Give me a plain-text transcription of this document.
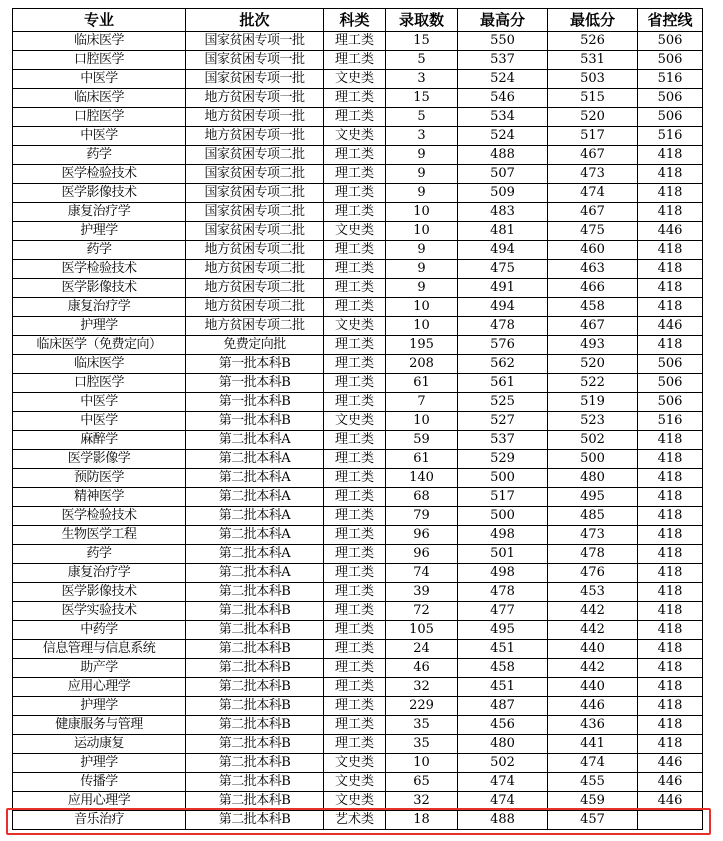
专业	批次	科类	录取数	最高分	最低分	省控线
临床医学	国家贫困专项一批	理工类	15	550	526	506
口腔医学	国家贫困专项一批	理工类	5	537	531	506
中医学	国家贫困专项一批	文史类	3	524	503	516
临床医学	地方贫困专项一批	理工类	15	546	515	506
口腔医学	地方贫困专项一批	理工类	5	534	520	506
中医学	地方贫困专项一批	文史类	3	524	517	516
药学	国家贫困专项二批	理工类	9	488	467	418
医学检验技术	国家贫困专项二批	理工类	9	507	473	418
医学影像技术	国家贫困专项二批	理工类	9	509	474	418
康复治疗学	国家贫困专项二批	理工类	10	483	467	418
护理学	国家贫困专项二批	文史类	10	481	475	446
药学	地方贫困专项二批	理工类	9	494	460	418
医学检验技术	地方贫困专项二批	理工类	9	475	463	418
医学影像技术	地方贫困专项二批	理工类	9	491	466	418
康复治疗学	地方贫困专项二批	理工类	10	494	458	418
护理学	地方贫困专项二批	文史类	10	478	467	446
临床医学（免费定向）	免费定向批	理工类	195	576	493	418
临床医学	第一批本科B	理工类	208	562	520	506
口腔医学	第一批本科B	理工类	61	561	522	506
中医学	第一批本科B	理工类	7	525	519	506
中医学	第一批本科B	文史类	10	527	523	516
麻醉学	第二批本科A	理工类	59	537	502	418
医学影像学	第二批本科A	理工类	61	529	500	418
预防医学	第二批本科A	理工类	140	500	480	418
精神医学	第二批本科A	理工类	68	517	495	418
医学检验技术	第二批本科A	理工类	79	500	485	418
生物医学工程	第二批本科A	理工类	96	498	473	418
药学	第二批本科A	理工类	96	501	478	418
康复治疗学	第二批本科A	理工类	74	498	476	418
医学影像技术	第二批本科B	理工类	39	478	453	418
医学实验技术	第二批本科B	理工类	72	477	442	418
中药学	第二批本科B	理工类	105	495	442	418
信息管理与信息系统	第二批本科B	理工类	24	451	440	418
助产学	第二批本科B	理工类	46	458	442	418
应用心理学	第二批本科B	理工类	32	451	440	418
护理学	第二批本科B	理工类	229	487	446	418
健康服务与管理	第二批本科B	理工类	35	456	436	418
运动康复	第二批本科B	理工类	35	480	441	418
护理学	第二批本科B	文史类	10	502	474	446
传播学	第二批本科B	文史类	65	474	455	446
应用心理学	第二批本科B	文史类	32	474	459	446
音乐治疗	第二批本科B	艺术类	18	488	457	
